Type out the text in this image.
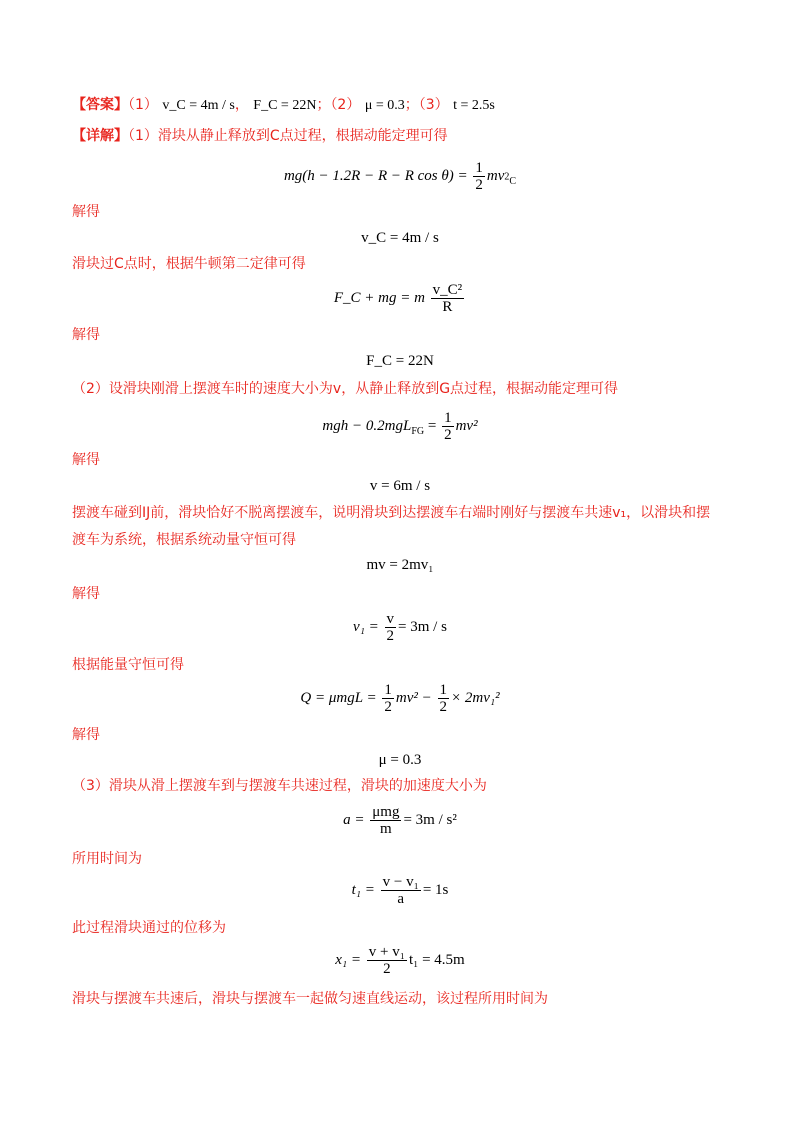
【答案】（1） v_C = 4m / s， F_C = 22N；（2） μ = 0.3；（3） t = 2.5s
【详解】（1）滑块从静止释放到C点过程，根据动能定理可得
mg(h − 1.2R − R − R $\cos \theta) = \frac{1}{2} mv_{^2C}$
解得
v_C = 4m / s
滑块过C点时，根据牛顿第二定律可得
F_C + mg = m $\frac{\text{v\_C²}}{R}$
解得
F_C = 22N
（2）设滑块刚滑上摆渡车时的速度大小为v，从静止释放到G点过程，根据动能定理可得
mgh − $0.2mgL_{FG} = \frac{1}{2} mv^2$
解得
v = 6m / s
摆渡车碰到IJ前，滑块恰好不脱离摆渡车，说明滑块到达摆渡车右端时刚好与摆渡车共速v₁，以滑块和摆
渡车为系统，根据系统动量守恒可得
mv = 2mv₁
解得
$v_1 = \frac{v}{2} = 3m / s$
根据能量守恒可得
$Q = \mu mgL = \frac{1}{2} mv^2 - \frac{1}{2} \times 2mv_1^2$
解得
μ = 0.3
（3）滑块从滑上摆渡车到与摆渡车共速过程，滑块的加速度大小为
$a = \frac{\text{μmg}}{m} = 3m / s^2$
所用时间为
$t_1 = \frac{\text{v − v₁}}{a} = 1s$
此过程滑块通过的位移为
$x_1 = \frac{\text{v + v₁}}{2} t_1 = 4.5m$
滑块与摆渡车共速后，滑块与摆渡车一起做匀速直线运动，该过程所用时间为
